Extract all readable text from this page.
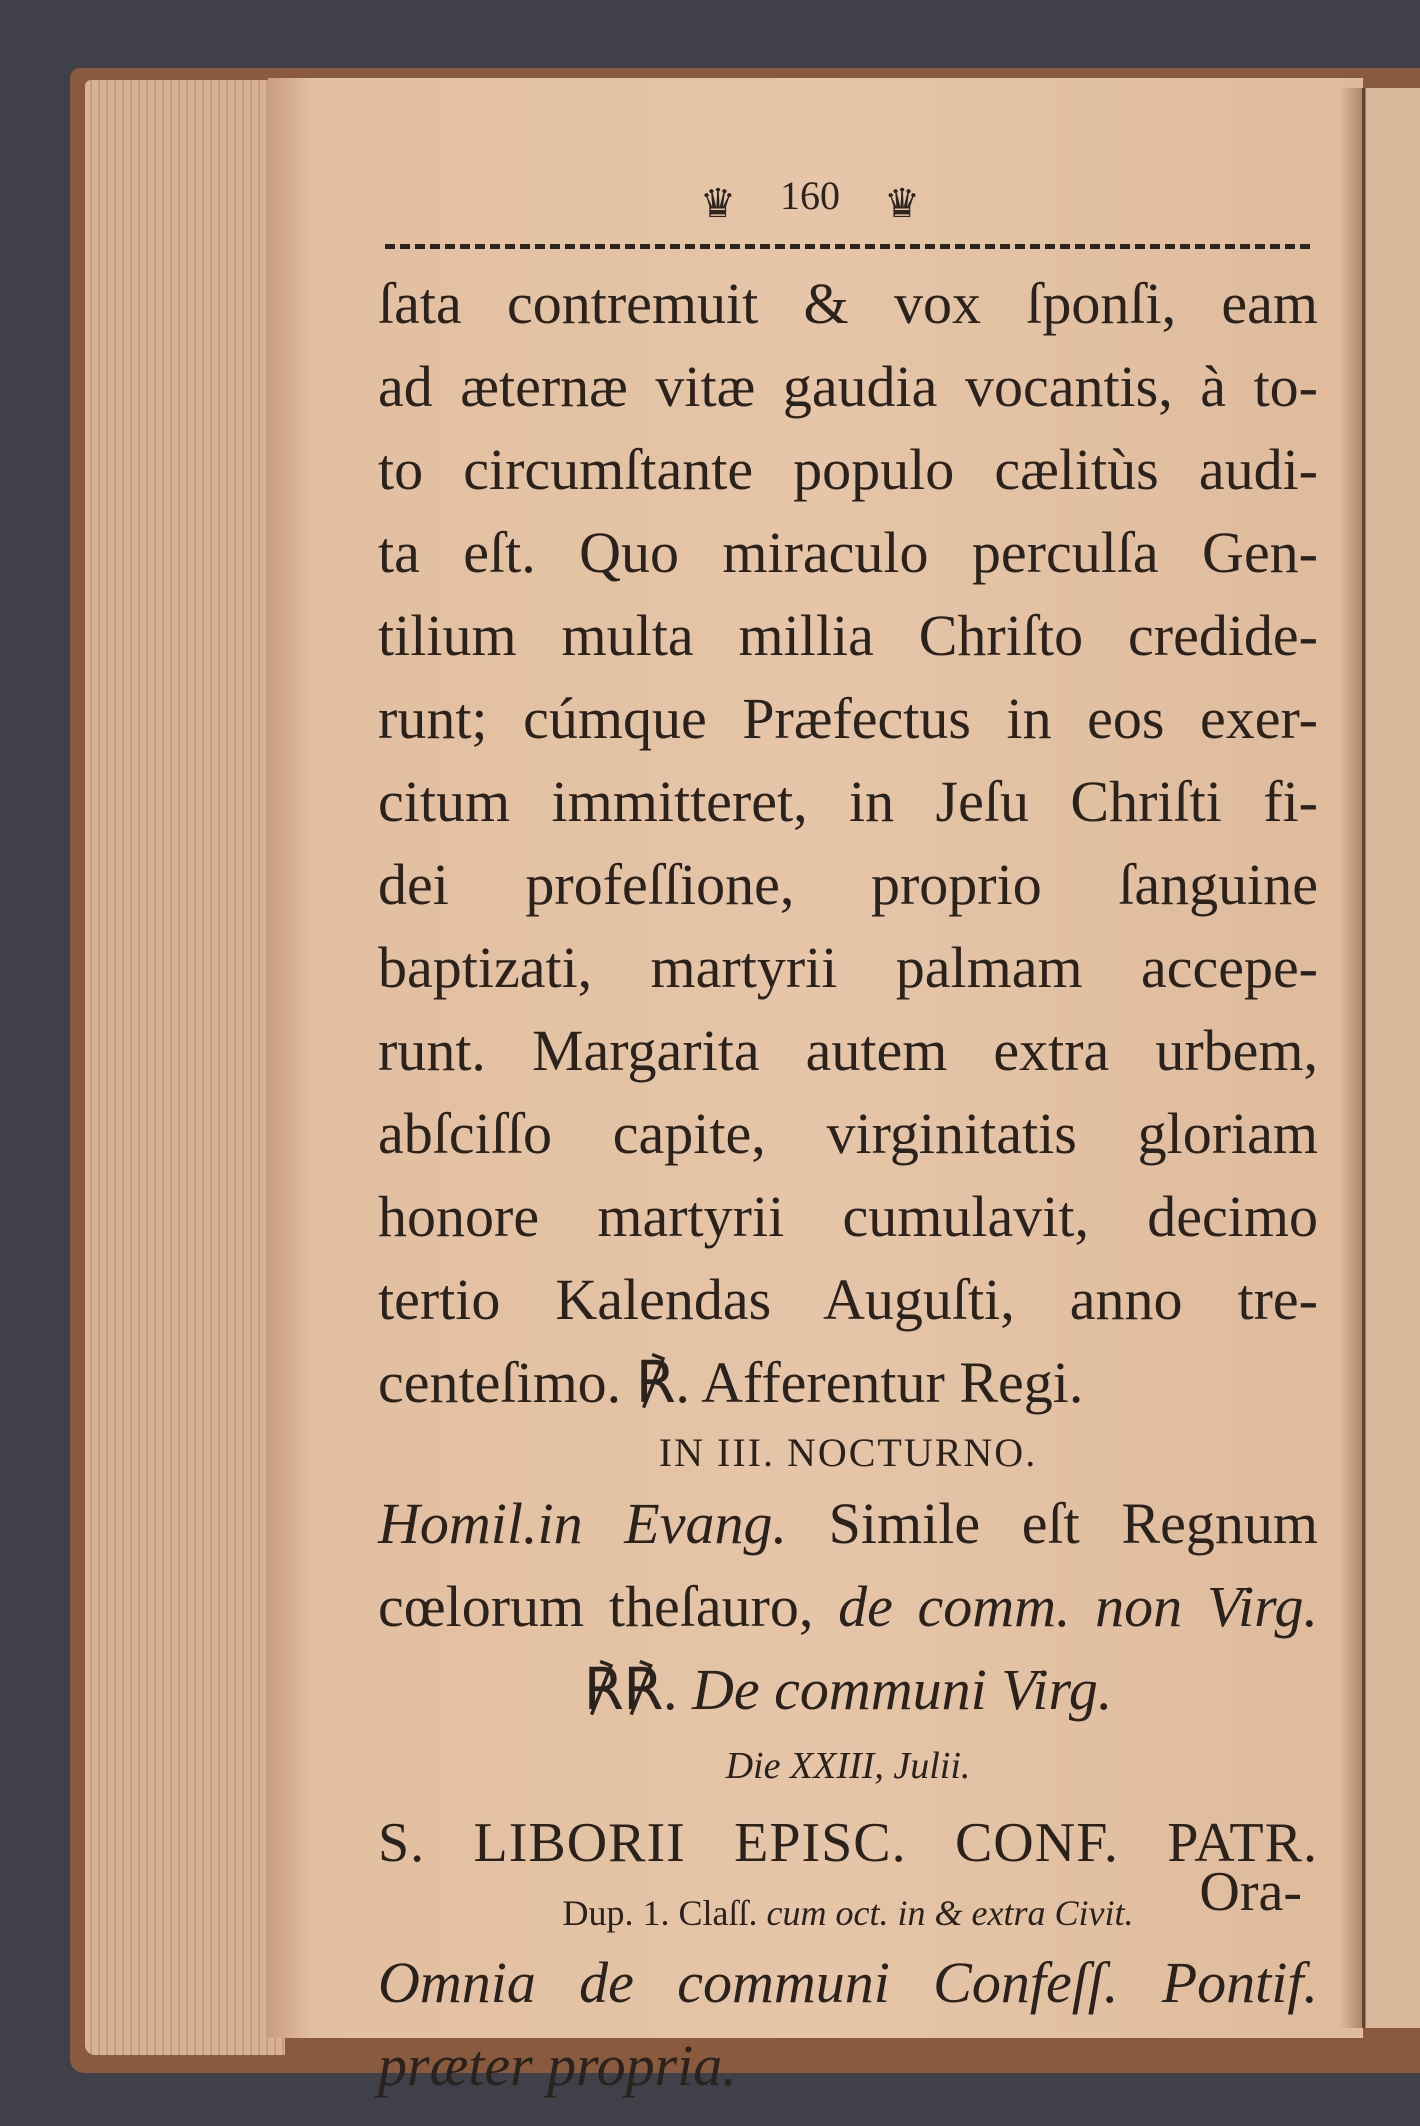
♛	160	♛
ſata contremuit & vox ſponſi, eam
ad æternæ vitæ gaudia vocantis, à to-
to circumſtante populo cælitùs audi-
ta eſt. Quo miraculo perculſa Gen-
tilium multa millia Chriſto credide-
runt; cúmque Præfectus in eos exer-
citum immitteret, in Jeſu Chriſti fi-
dei profeſſione, proprio ſanguine
baptizati, martyrii palmam accepe-
runt. Margarita autem extra urbem,
abſciſſo capite, virginitatis gloriam
honore martyrii cumulavit, decimo
tertio Kalendas Auguſti, anno tre-
centeſimo. ℟. Afferentur Regi.
IN III. NOCTURNO.
Homil.in Evang. Simile eſt Regnum
cœlorum theſauro, de comm. non Virg.
℟℟. De communi Virg.
Die XXIII, Julii.
S. LIBORII EPISC. CONF. PATR.
Dup. 1. Claſſ. cum oct. in & extra Civit.
Omnia de communi Confeſſ. Pontif.
præter propria.
Ora-
